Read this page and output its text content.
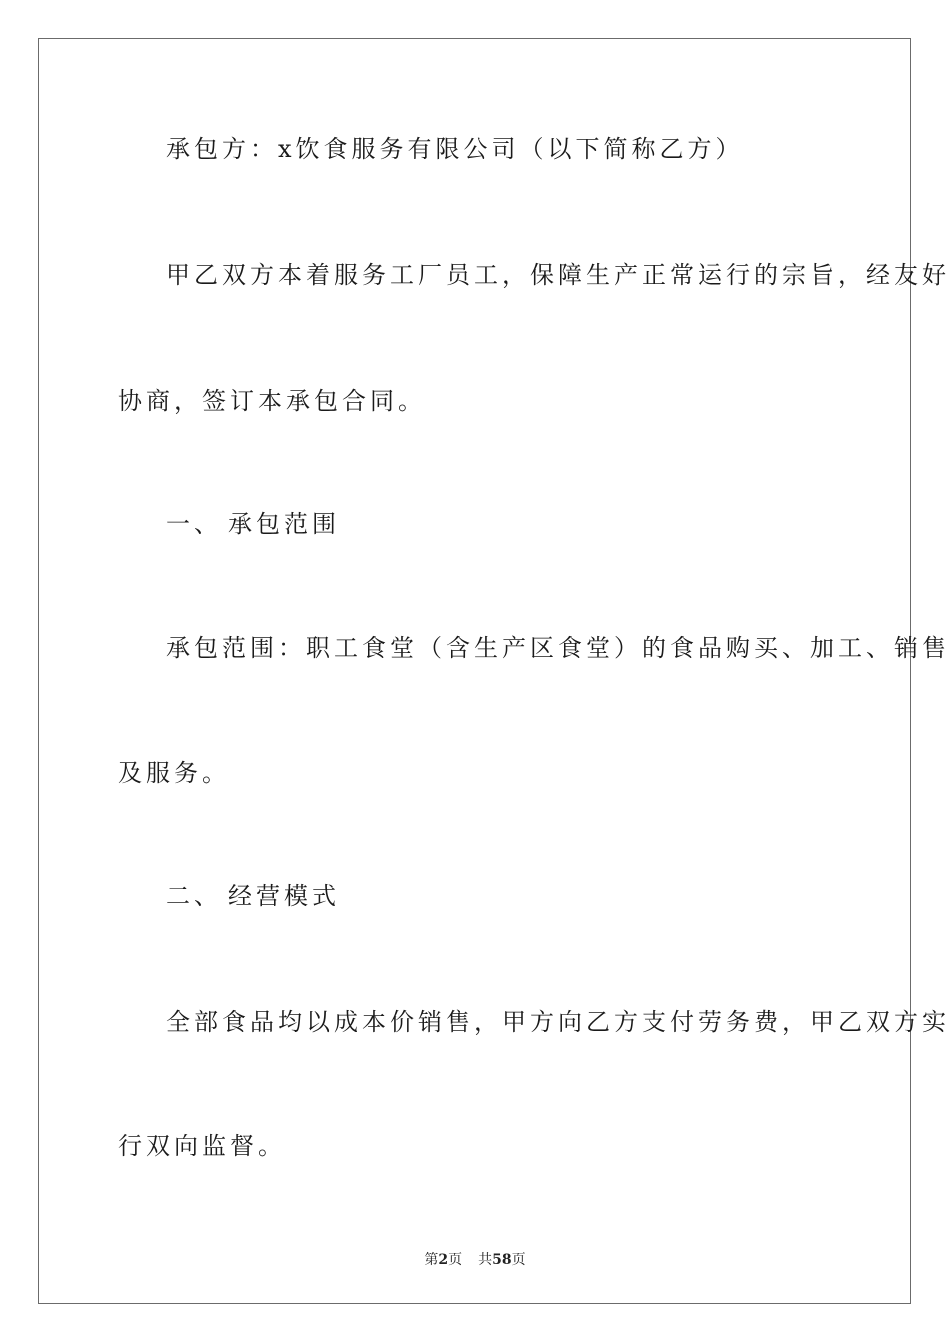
承包方：x饮食服务有限公司（以下简称乙方）
甲乙双方本着服务工厂员工，保障生产正常运行的宗旨，经友好
协商，签订本承包合同。
一、 承包范围
承包范围：职工食堂（含生产区食堂）的食品购买、加工、销售
及服务。
二、 经营模式
全部食品均以成本价销售，甲方向乙方支付劳务费，甲乙双方实
行双向监督。
第2页 共58页
